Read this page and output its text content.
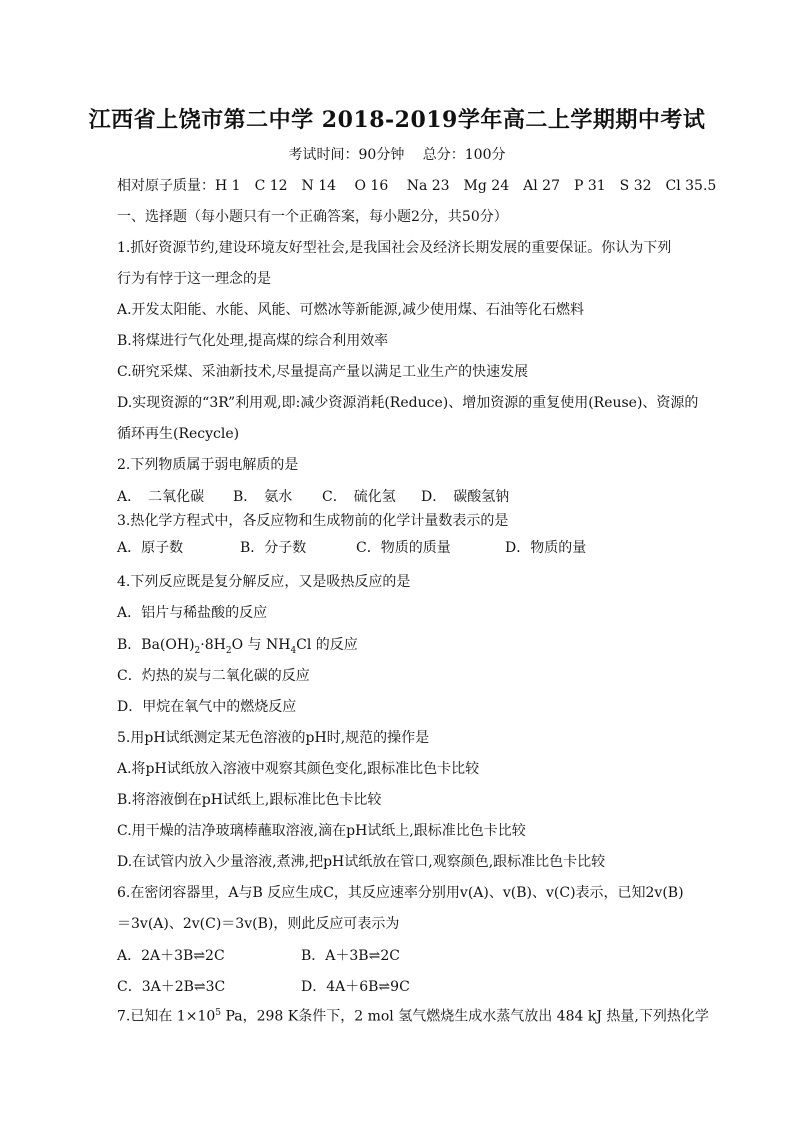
江西省上饶市第二中学 2018-2019学年高二上学期期中考试
考试时间：90分钟　 总分：100分
相对原子质量：H 1　C 12　N 14　 O 16　 Na 23　Mg 24　Al 27　P 31　S 32　Cl 35.5
一、选择题（每小题只有一个正确答案，每小题2分，共50分）
1.抓好资源节约,建设环境友好型社会,是我国社会及经济长期发展的重要保证。你认为下列
行为有悖于这一理念的是
A.开发太阳能、水能、风能、可燃冰等新能源,减少使用煤、石油等化石燃料
B.将煤进行气化处理,提高煤的综合利用效率
C.研究采煤、采油新技术,尽量提高产量以满足工业生产的快速发展
D.实现资源的“3R”利用观,即:减少资源消耗(Reduce)、增加资源的重复使用(Reuse)、资源的
循环再生(Recycle)
2.下列物质属于弱电解质的是
A．　二氧化碳 B．　氨水 C．　硫化氢 D．　碳酸氢钠
3.热化学方程式中，各反应物和生成物前的化学计量数表示的是
A．原子数	B．分子数	C．物质的质量	D．物质的量
4.下列反应既是复分解反应，又是吸热反应的是
A．铝片与稀盐酸的反应
B．$Ba(OH)_2\cdot 8H_2O$ 与 $NH_4Cl$ 的反应
C．灼热的炭与二氧化碳的反应
D．甲烷在氧气中的燃烧反应
5.用pH试纸测定某无色溶液的pH时,规范的操作是
A.将pH试纸放入溶液中观察其颜色变化,跟标准比色卡比较
B.将溶液倒在pH试纸上,跟标准比色卡比较
C.用干燥的洁净玻璃棒蘸取溶液,滴在pH试纸上,跟标准比色卡比较
D.在试管内放入少量溶液,煮沸,把pH试纸放在管口,观察颜色,跟标准比色卡比较
6.在密闭容器里，A与B 反应生成C，其反应速率分别用v(A)、v(B)、v(C)表示，已知2v(B)
＝3v(A)、2v(C)＝3v(B)，则此反应可表示为
A．2A＋3B⇌2C	B．A＋3B⇌2C
C．3A＋2B⇌3C	D．4A＋6B⇌9C
7.已知在 $1\times 10^5$ Pa，298 K条件下，2 mol 氢气燃烧生成水蒸气放出 484 kJ 热量,下列热化学
